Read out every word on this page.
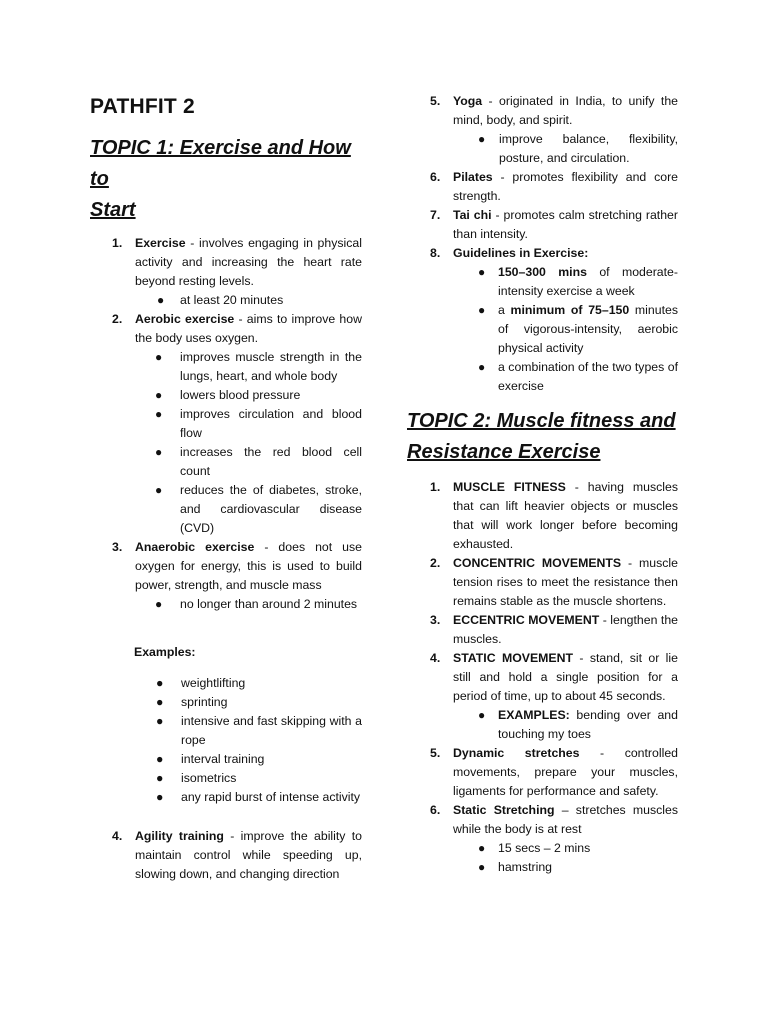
PATHFIT 2
TOPIC 1: Exercise and How to
Start
1. Exercise - involves engaging in physical activity and increasing the heart rate beyond resting levels.
●	at least 20 minutes
2. Aerobic exercise - aims to improve how the body uses oxygen.
● improves muscle strength in the lungs, heart, and whole body
● lowers blood pressure
● improves circulation and blood flow
● increases the red blood cell count
● reduces the of diabetes, stroke, and cardiovascular disease (CVD)
3. Anaerobic exercise - does not use oxygen for energy, this is used to build power, strength, and muscle mass
● no longer than around 2 minutes
Examples:
● weightlifting
● sprinting
● intensive and fast skipping with a rope
● interval training
● isometrics
● any rapid burst of intense activity
4. Agility training - improve the ability to maintain control while speeding up, slowing down, and changing direction
5. Yoga - originated in India, to unify the mind, body, and spirit.
● improve balance, flexibility, posture, and circulation.
6. Pilates - promotes flexibility and core strength.
7. Tai chi - promotes calm stretching rather than intensity.
8. Guidelines in Exercise:
● 150–300 mins of moderate-intensity exercise a week
● a minimum of 75–150 minutes of vigorous-intensity, aerobic physical activity
● a combination of the two types of exercise
TOPIC 2: Muscle fitness and
Resistance Exercise
1. MUSCLE FITNESS - having muscles that can lift heavier objects or muscles that will work longer before becoming exhausted.
2. CONCENTRIC MOVEMENTS - muscle tension rises to meet the resistance then remains stable as the muscle shortens.
3. ECCENTRIC MOVEMENT - lengthen the muscles.
4. STATIC MOVEMENT - stand, sit or lie still and hold a single position for a period of time, up to about 45 seconds.
● EXAMPLES: bending over and touching my toes
5. Dynamic stretches - controlled movements, prepare your muscles, ligaments for performance and safety.
6. Static Stretching – stretches muscles while the body is at rest
● 15 secs – 2 mins
● hamstring
